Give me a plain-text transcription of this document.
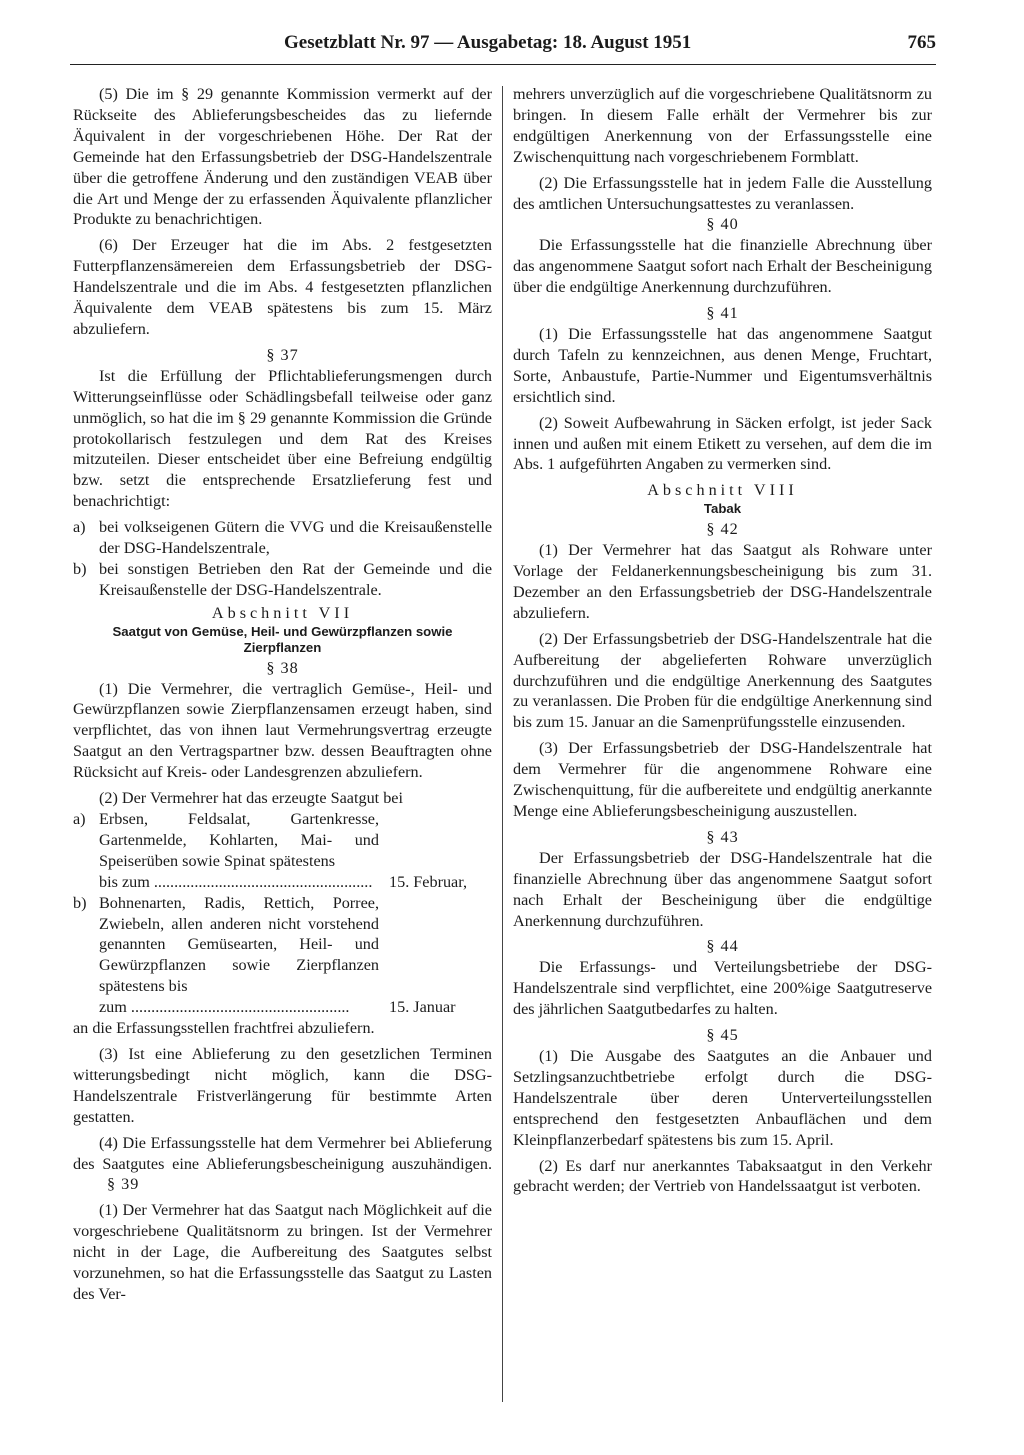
Gesetzblatt Nr. 97 — Ausgabetag: 18. August 1951	765

(5) Die im § 29 genannte Kommission vermerkt auf der Rückseite des Ablieferungsbescheides das zu liefernde Äquivalent in der vorgeschriebenen Höhe. Der Rat der Gemeinde hat den Erfassungsbetrieb der DSG-Handelszentrale über die getroffene Änderung und den zuständigen VEAB über die Art und Menge der zu erfassenden Äquivalente pflanzlicher Produkte zu benachrichtigen.

(6) Der Erzeuger hat die im Abs. 2 festgesetzten Futterpflanzensämereien dem Erfassungsbetrieb der DSG-Handelszentrale und die im Abs. 4 festgesetzten pflanzlichen Äquivalente dem VEAB spätestens bis zum 15. März abzuliefern.

§ 37

Ist die Erfüllung der Pflichtablieferungsmengen durch Witterungseinflüsse oder Schädlingsbefall teilweise oder ganz unmöglich, so hat die im § 29 genannte Kommission die Gründe protokollarisch festzulegen und dem Rat des Kreises mitzuteilen. Dieser entscheidet über eine Befreiung endgültig bzw. setzt die entsprechende Ersatzlieferung fest und benachrichtigt:

a) bei volkseigenen Gütern die VVG und die Kreisaußenstelle der DSG-Handelszentrale,
b) bei sonstigen Betrieben den Rat der Gemeinde und die Kreisaußenstelle der DSG-Handelszentrale.

Abschnitt VII

Saatgut von Gemüse, Heil- und Gewürzpflanzen sowie Zierpflanzen

§ 38

(1) Die Vermehrer, die vertraglich Gemüse-, Heil- und Gewürzpflanzen sowie Zierpflanzensamen erzeugt haben, sind verpflichtet, das von ihnen laut Vermehrungsvertrag erzeugte Saatgut an den Vertragspartner bzw. dessen Beauftragten ohne Rücksicht auf Kreis- oder Landesgrenzen abzuliefern.

(2) Der Vermehrer hat das erzeugte Saatgut bei

a) Erbsen, Feldsalat, Gartenkresse, Gartenmelde, Kohlarten, Mai- und Speiserüben sowie Spinat spätestens
bis zum .....	15. Februar,
b) Bohnenarten, Radis, Rettich, Porree, Zwiebeln, allen anderen nicht vorstehend genannten Gemüsearten, Heil- und Gewürzpflanzen sowie Zierpflanzen spätestens bis
zum .....	15. Januar

an die Erfassungsstellen frachtfrei abzuliefern.

(3) Ist eine Ablieferung zu den gesetzlichen Terminen witterungsbedingt nicht möglich, kann die DSG-Handelszentrale Fristverlängerung für bestimmte Arten gestatten.

(4) Die Erfassungsstelle hat dem Vermehrer bei Ablieferung des Saatgutes eine Ablieferungsbescheinigung auszuhändigen.§ 39

(1) Der Vermehrer hat das Saatgut nach Möglichkeit auf die vorgeschriebene Qualitätsnorm zu bringen. Ist der Vermehrer nicht in der Lage, die Aufbereitung des Saatgutes selbst vorzunehmen, so hat die Erfassungsstelle das Saatgut zu Lasten des Ver-

mehrers unverzüglich auf die vorgeschriebene Qualitätsnorm zu bringen. In diesem Falle erhält der Vermehrer bis zur endgültigen Anerkennung von der Erfassungsstelle eine Zwischenquittung nach vorgeschriebenem Formblatt.

(2) Die Erfassungsstelle hat in jedem Falle die Ausstellung des amtlichen Untersuchungsattestes zu veranlassen.

§ 40

Die Erfassungsstelle hat die finanzielle Abrechnung über das angenommene Saatgut sofort nach Erhalt der Bescheinigung über die endgültige Anerkennung durchzuführen.

§ 41

(1) Die Erfassungsstelle hat das angenommene Saatgut durch Tafeln zu kennzeichnen, aus denen Menge, Fruchtart, Sorte, Anbaustufe, Partie-Nummer und Eigentumsverhältnis ersichtlich sind.

(2) Soweit Aufbewahrung in Säcken erfolgt, ist jeder Sack innen und außen mit einem Etikett zu versehen, auf dem die im Abs. 1 aufgeführten Angaben zu vermerken sind.

Abschnitt VIII

Tabak

§ 42

(1) Der Vermehrer hat das Saatgut als Rohware unter Vorlage der Feldanerkennungsbescheinigung bis zum 31. Dezember an den Erfassungsbetrieb der DSG-Handelszentrale abzuliefern.

(2) Der Erfassungsbetrieb der DSG-Handelszentrale hat die Aufbereitung der abgelieferten Rohware unverzüglich durchzuführen und die endgültige Anerkennung des Saatgutes zu veranlassen. Die Proben für die endgültige Anerkennung sind bis zum 15. Januar an die Samenprüfungsstelle einzusenden.

(3) Der Erfassungsbetrieb der DSG-Handelszentrale hat dem Vermehrer für die angenommene Rohware eine Zwischenquittung, für die aufbereitete und endgültig anerkannte Menge eine Ablieferungsbescheinigung auszustellen.

§ 43

Der Erfassungsbetrieb der DSG-Handelszentrale hat die finanzielle Abrechnung über das angenommene Saatgut sofort nach Erhalt der Bescheinigung über die endgültige Anerkennung durchzuführen.

§ 44

Die Erfassungs- und Verteilungsbetriebe der DSG-Handelszentrale sind verpflichtet, eine 200%ige Saatgutreserve des jährlichen Saatgutbedarfes zu halten.

§ 45

(1) Die Ausgabe des Saatgutes an die Anbauer und Setzlingsanzuchtbetriebe erfolgt durch die DSG-Handelszentrale über deren Unterverteilungsstellen entsprechend den festgesetzten Anbauflächen und dem Kleinpflanzerbedarf spätestens bis zum 15. April.

(2) Es darf nur anerkanntes Tabaksaatgut in den Verkehr gebracht werden; der Vertrieb von Handelssaatgut ist verboten.
